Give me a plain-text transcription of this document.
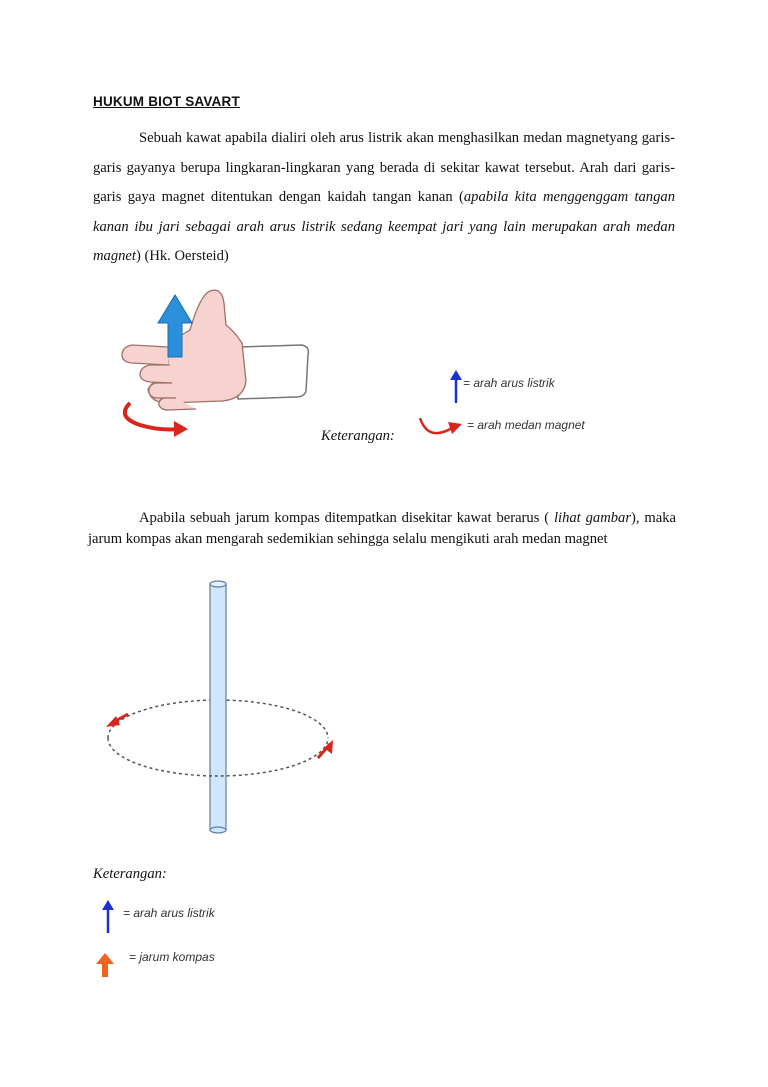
HUKUM BIOT SAVART
Sebuah kawat apabila dialiri oleh arus listrik akan menghasilkan medan magnetyang garis-garis gayanya berupa lingkaran-lingkaran yang berada di sekitar kawat tersebut. Arah dari garis-garis gaya magnet ditentukan dengan kaidah tangan kanan (apabila kita menggenggam tangan kanan ibu jari sebagai arah arus listrik sedang keempat jari yang lain merupakan arah medan magnet) (Hk. Oersteid)
Keterangan:
= arah arus listrik
= arah medan magnet
Apabila sebuah jarum kompas ditempatkan disekitar kawat berarus ( lihat gambar), maka jarum kompas akan mengarah sedemikian sehingga selalu mengikuti arah medan magnet
Keterangan:
= arah arus listrik
= jarum kompas
